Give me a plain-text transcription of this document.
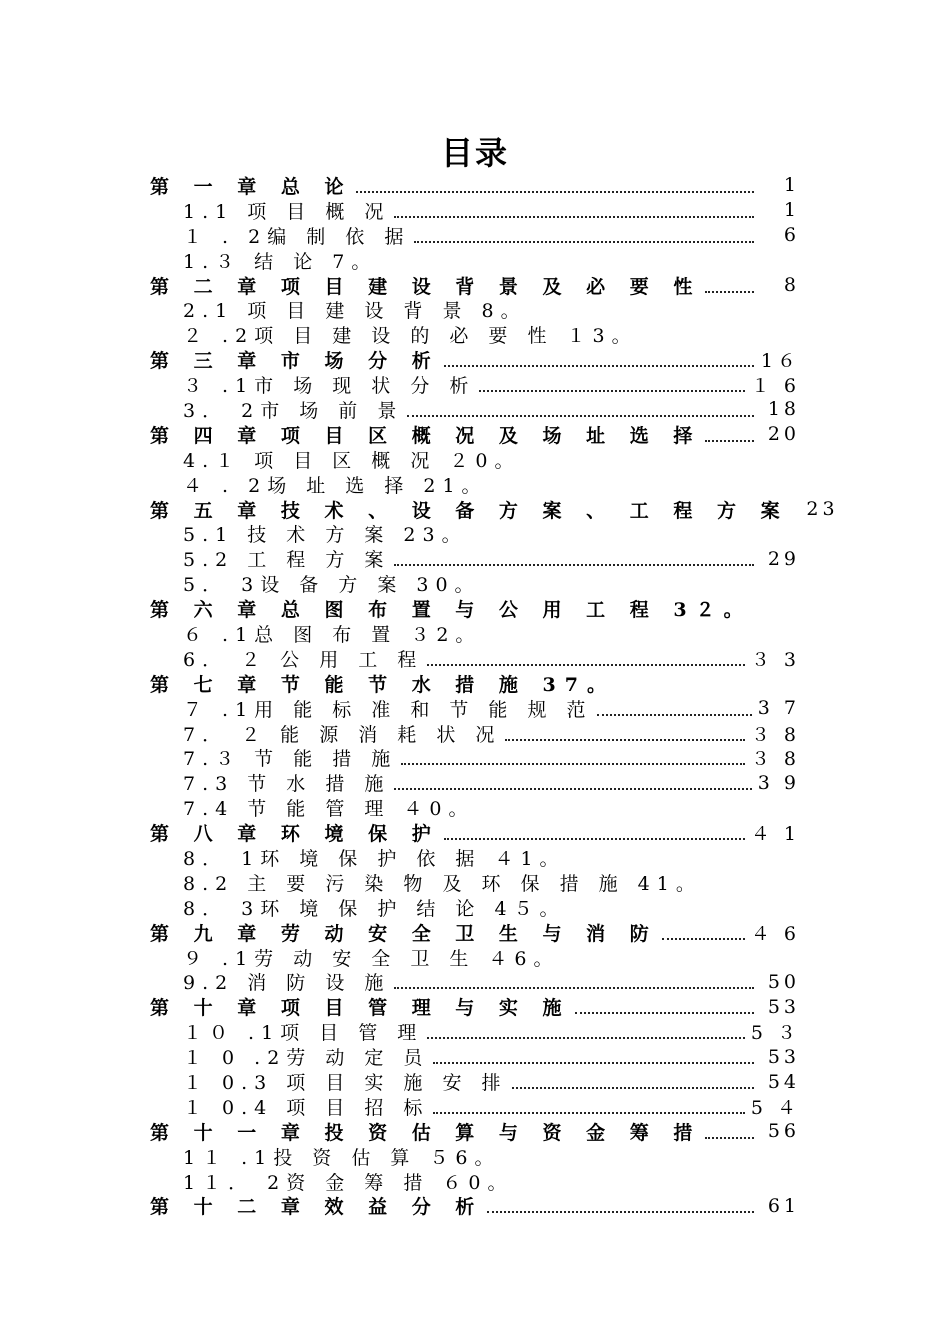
目录
第 一 章 总 论	1
1.1 项 目 概 况	1
１ . 2编 制 依 据	6
1.３ 结 论 7。
第 二 章 项 目 建 设 背 景 及 必 要 性	8
2.1 项 目 建 设 背 景 8。
２ .2项 目 建 设 的 必 要 性 １3。
第 三 章 市 场 分 析	1６
３ .1市 场 现 状 分 析	１ 6
3． 2市 场 前 景	18
第 四 章 项 目 区 概 况 及 场 址 选 择	20
4.１ 项 目 区 概 况 ２0。
４ . 2场 址 选 择 21。
第 五 章 技 术 、 设 备 方 案 、 工 程 方 案 23
5.1 技 术 方 案 23。
5.2 工 程 方 案	29
5． 3设 备 方 案 30。
第 六 章 总 图 布 置 与 公 用 工 程 3２。
６ .1总 图 布 置 ３2。
6． ２ 公 用 工 程	３ 3
第 七 章 节 能 节 水 措 施 37。
７ .1用 能 标 准 和 节 能 规 范	3 7
7． ２ 能 源 消 耗 状 况	３ 8
7.３ 节 能 措 施	３ 8
7.3 节 水 措 施	3 9
7.4 节 能 管 理 ４0。
第 八 章 环 境 保 护	４ 1
8． 1环 境 保 护 依 据 ４1。
8.2 主 要 污 染 物 及 环 保 措 施 41。
8． 3环 境 保 护 结 论 4５。
第 九 章 劳 动 安 全 卫 生 与 消 防	４ 6
９ .1劳 动 安 全 卫 生 ４6。
9.2 消 防 设 施	50
第 十 章 项 目 管 理 与 实 施	53
１０ .1项 目 管 理	5 ３
１ 0 .2劳 动 定 员	53
１ 0.3 项 目 实 施 安 排	54
１ 0.4 项 目 招 标	5 ４
第 十 一 章 投 资 估 算 与 资 金 筹 措	56
1１ .1投 资 估 算 ５6。
1１． 2资 金 筹 措 ６0。
第 十 二 章 效 益 分 析	61
